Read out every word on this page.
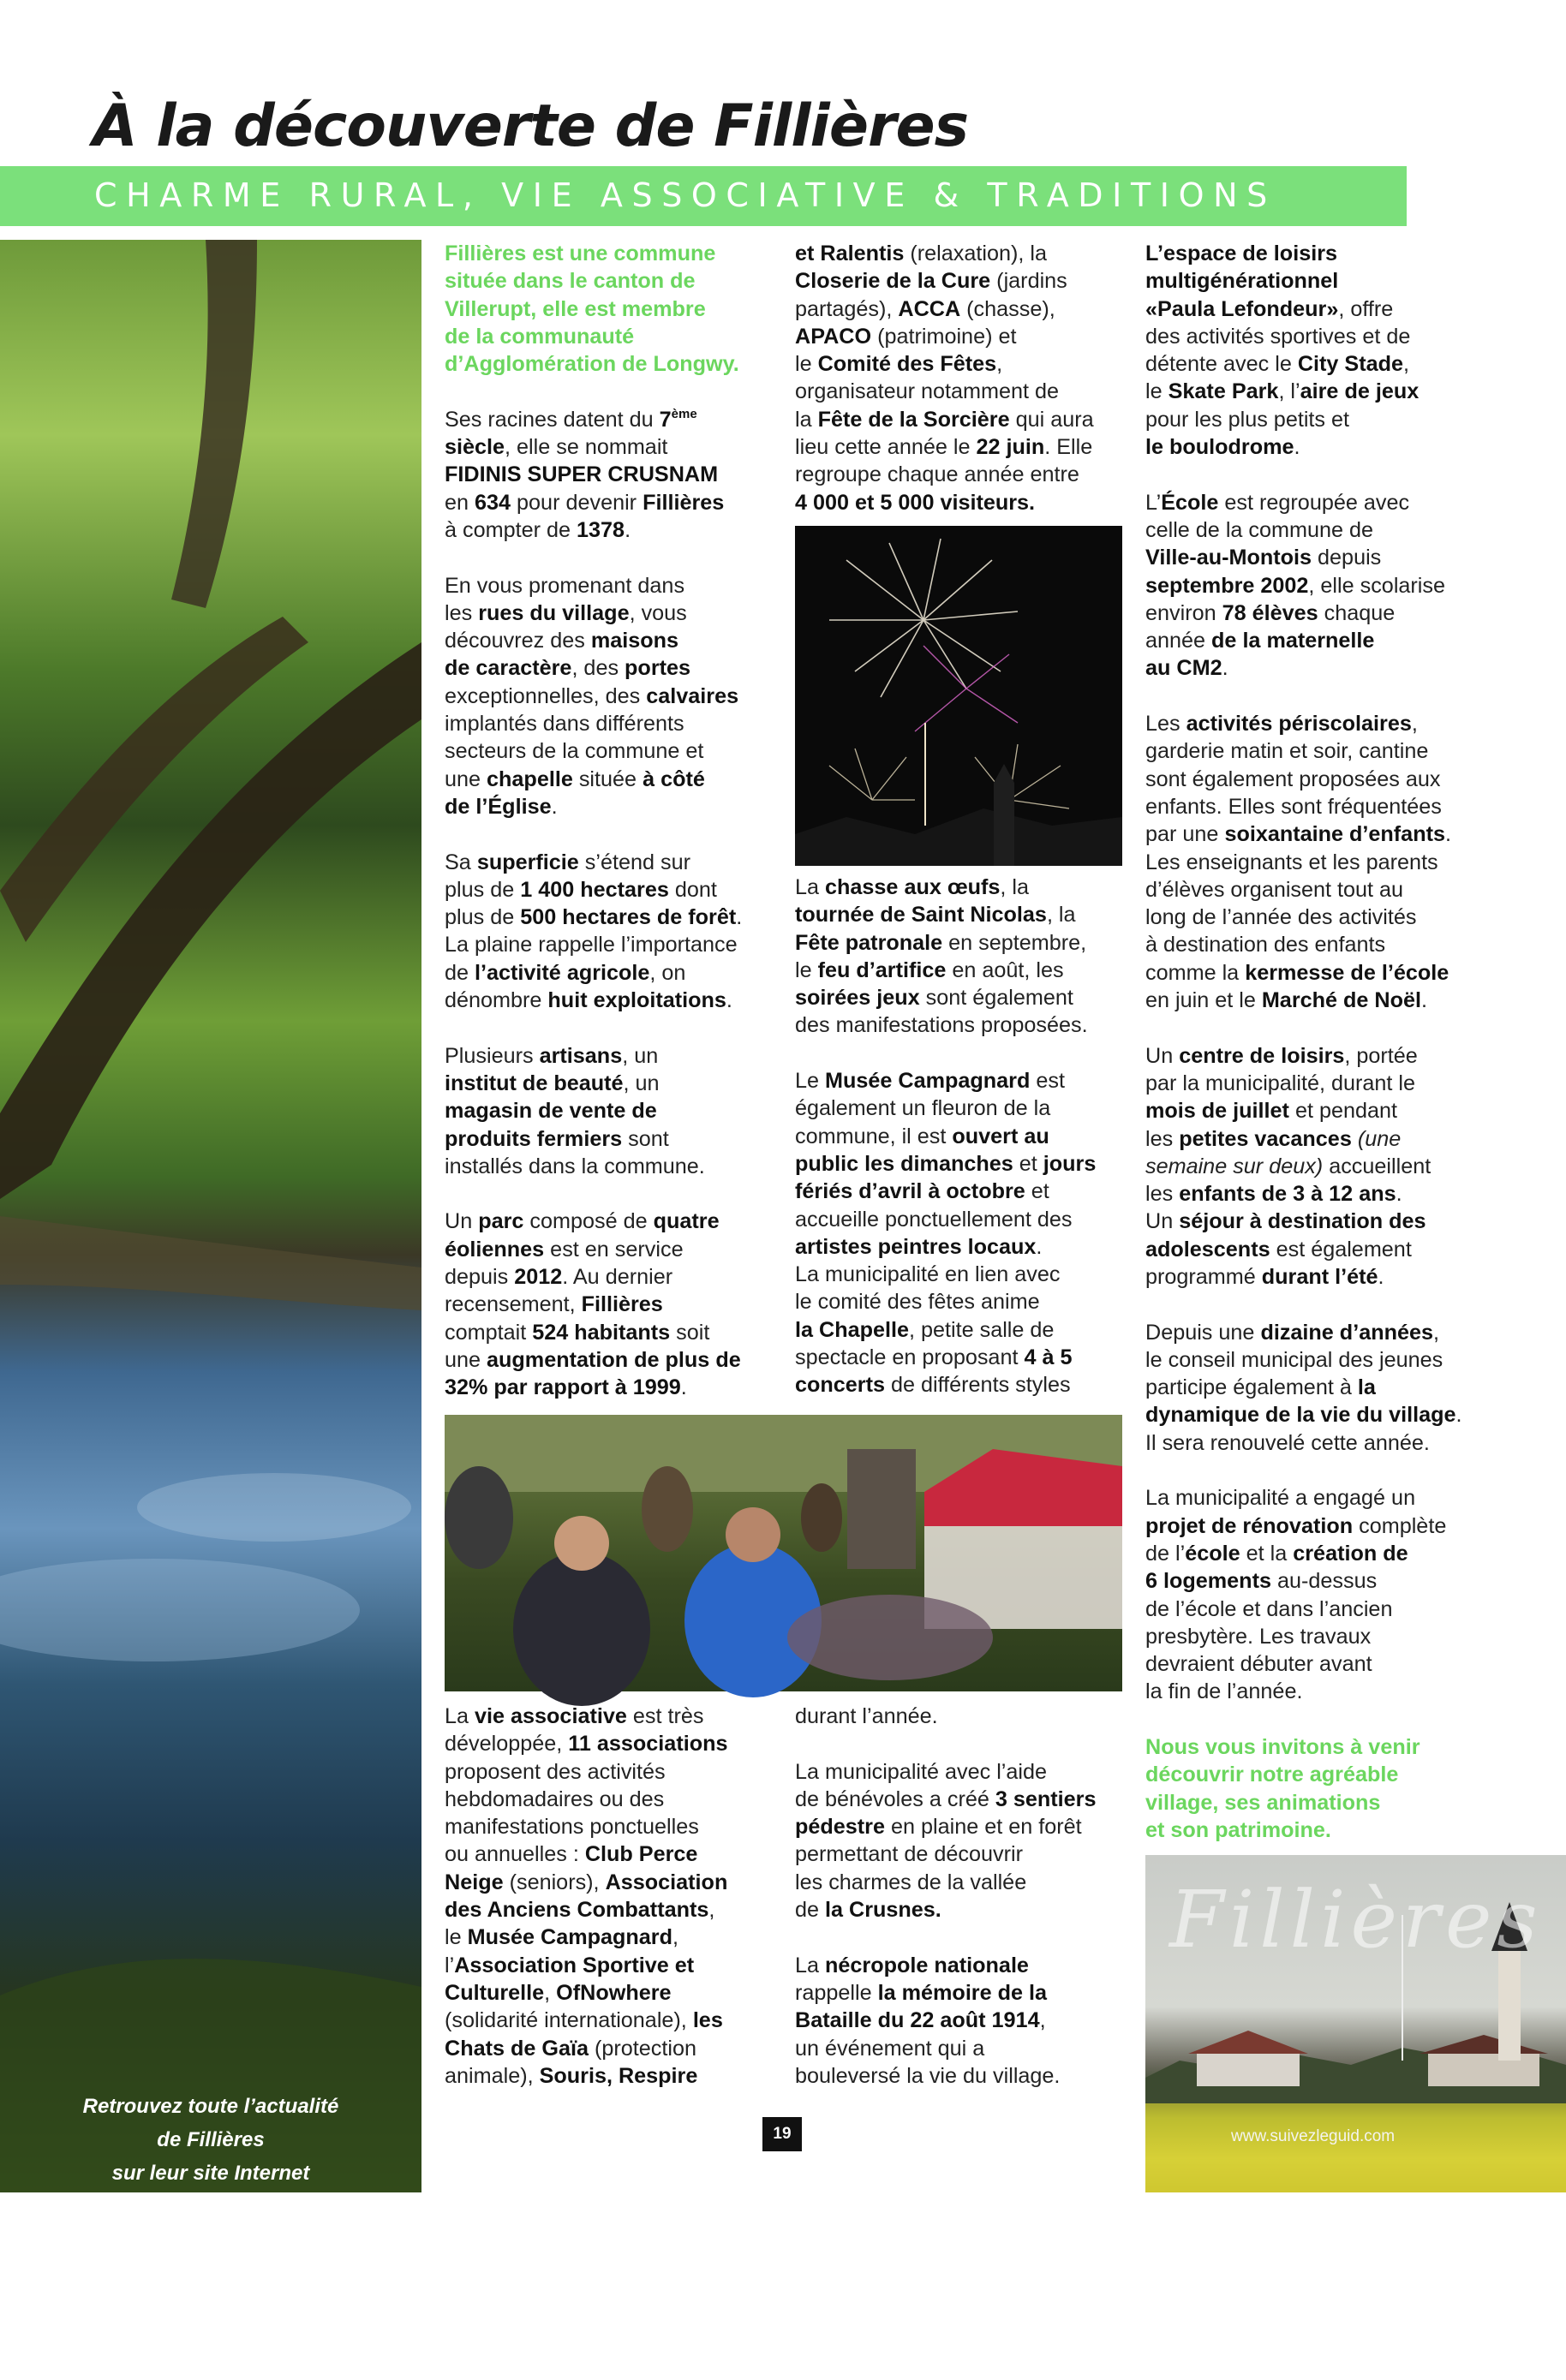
À la découverte de Fillières
CHARME RURAL, VIE ASSOCIATIVE & TRADITIONS

Retrouvez toute l’actualité

de Fillières

sur leur site Internet

https://fillieres.fr
Suivez LE GUID

Fillières est une commune

située dans le canton de

Villerupt, elle est membre

de la communauté

d’Agglomération de Longwy.

Ses racines datent du 7ème

siècle, elle se nommait

FIDINIS SUPER CRUSNAM

en 634 pour devenir Fillières

à compter de 1378.

En vous promenant dans

les rues du village, vous

découvrez des maisons

de caractère, des portes

exceptionnelles, des calvaires

implantés dans différents

secteurs de la commune et

une chapelle située à côté

de l’Église.

Sa superficie s’étend sur

plus de 1 400 hectares dont

plus de 500 hectares de forêt.

La plaine rappelle l’importance

de l’activité agricole, on

dénombre huit exploitations.

Plusieurs artisans, un

institut de beauté, un

magasin de vente de

produits fermiers sont

installés dans la commune.

Un parc composé de quatre

éoliennes est en service

depuis 2012. Au dernier

recensement, Fillières

comptait 524 habitants soit

une augmentation de plus de

32% par rapport à 1999.

et Ralentis (relaxation), la

Closerie de la Cure (jardins

partagés), ACCA (chasse),

APACO (patrimoine) et

le Comité des Fêtes,

organisateur notamment de

la Fête de la Sorcière qui aura

lieu cette année le 22 juin. Elle

regroupe chaque année entre

4 000 et 5 000 visiteurs.

La chasse aux œufs, la

tournée de Saint Nicolas, la

Fête patronale en septembre,

le feu d’artifice en août, les

soirées jeux sont également

des manifestations proposées.

Le Musée Campagnard est

également un fleuron de la

commune, il est ouvert au

public les dimanches et jours

fériés d’avril à octobre et

accueille ponctuellement des

artistes peintres locaux.

La municipalité en lien avec

le comité des fêtes anime

la Chapelle, petite salle de

spectacle en proposant 4 à 5

concerts de différents styles

La vie associative est très

développée, 11 associations

proposent des activités

hebdomadaires ou des

manifestations ponctuelles

ou annuelles : Club Perce

Neige (seniors), Association

des Anciens Combattants,

le Musée Campagnard,

l’Association Sportive et

Culturelle, OfNowhere

(solidarité internationale), les

Chats de Gaïa (protection

animale), Souris, Respire

durant l’année.

La municipalité avec l’aide

de bénévoles a créé 3 sentiers

pédestre en plaine et en forêt

permettant de découvrir

les charmes de la vallée

de la Crusnes.

La nécropole nationale

rappelle la mémoire de la

Bataille du 22 août 1914,

un événement qui a

bouleversé la vie du village.

L’espace de loisirs

multigénérationnel

«Paula Lefondeur», offre

des activités sportives et de

détente avec le City Stade,

le Skate Park, l’aire de jeux

pour les plus petits et

le boulodrome.

L’École est regroupée avec

celle de la commune de

Ville-au-Montois depuis

septembre 2002, elle scolarise

environ 78 élèves chaque

année de la maternelle

au CM2.

Les activités périscolaires,

garderie matin et soir, cantine

sont également proposées aux

enfants. Elles sont fréquentées

par une soixantaine d’enfants.

Les enseignants et les parents

d’élèves organisent tout au

long de l’année des activités

à destination des enfants

comme la kermesse de l’école

en juin et le Marché de Noël.

Un centre de loisirs, portée

par la municipalité, durant le

mois de juillet et pendant

les petites vacances (une

semaine sur deux) accueillent

les enfants de 3 à 12 ans.

Un séjour à destination des

adolescents est également

programmé durant l’été.

Depuis une dizaine d’années,

le conseil municipal des jeunes

participe également à la

dynamique de la vie du village.

Il sera renouvelé cette année.

La municipalité a engagé un

projet de rénovation complète

de l’école et la création de

6 logements au-dessus

de l’école et dans l’ancien

presbytère. Les travaux

devraient débuter avant

la fin de l’année.

Nous vous invitons à venir

découvrir notre agréable

village, ses animations

et son patrimoine.

Fillières
www.suivezleguid.com
19
